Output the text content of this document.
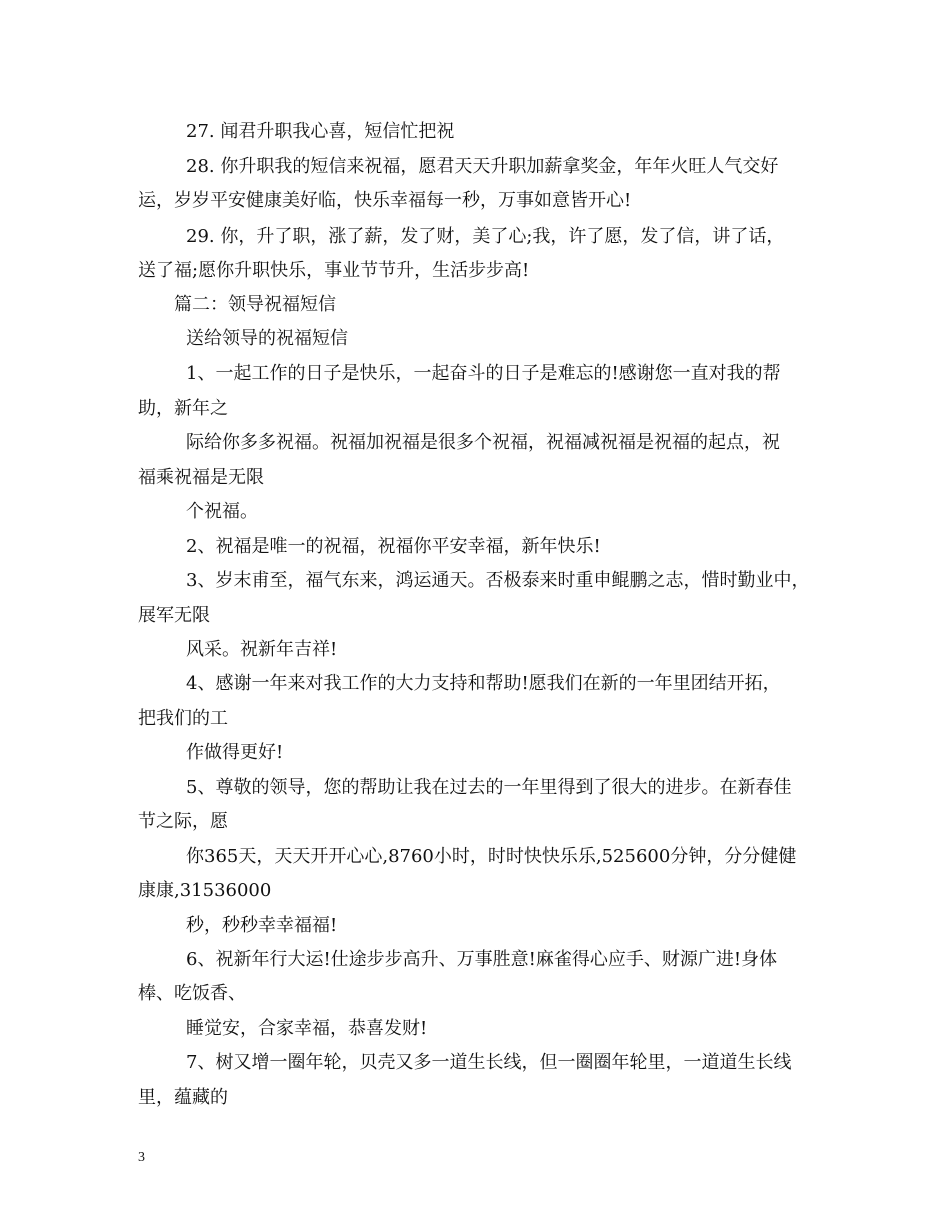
27. 闻君升职我心喜，短信忙把祝
28. 你升职我的短信来祝福，愿君天天升职加薪拿奖金，年年火旺人气交好
运，岁岁平安健康美好临，快乐幸福每一秒，万事如意皆开心!
29. 你，升了职，涨了薪，发了财，美了心;我，许了愿，发了信，讲了话，
送了福;愿你升职快乐，事业节节升，生活步步高!
篇二：领导祝福短信
送给领导的祝福短信
1、一起工作的日子是快乐，一起奋斗的日子是难忘的!感谢您一直对我的帮
助，新年之
际给你多多祝福。祝福加祝福是很多个祝福，祝福减祝福是祝福的起点，祝
福乘祝福是无限
个祝福。
2、祝福是唯一的祝福，祝福你平安幸福，新年快乐!
3、岁末甫至，福气东来，鸿运通天。否极泰来时重申鲲鹏之志，惜时勤业中，
展军无限
风采。祝新年吉祥!
4、感谢一年来对我工作的大力支持和帮助!愿我们在新的一年里团结开拓，
把我们的工
作做得更好!
5、尊敬的领导，您的帮助让我在过去的一年里得到了很大的进步。在新春佳
节之际，愿
你365天，天天开开心心,8760小时，时时快快乐乐,525600分钟，分分健健
康康,31536000
秒，秒秒幸幸福福!
6、祝新年行大运!仕途步步高升、万事胜意!麻雀得心应手、财源广进!身体
棒、吃饭香、
睡觉安，合家幸福，恭喜发财!
7、树又增一圈年轮，贝壳又多一道生长线，但一圈圈年轮里，一道道生长线
里，蕴藏的
3
